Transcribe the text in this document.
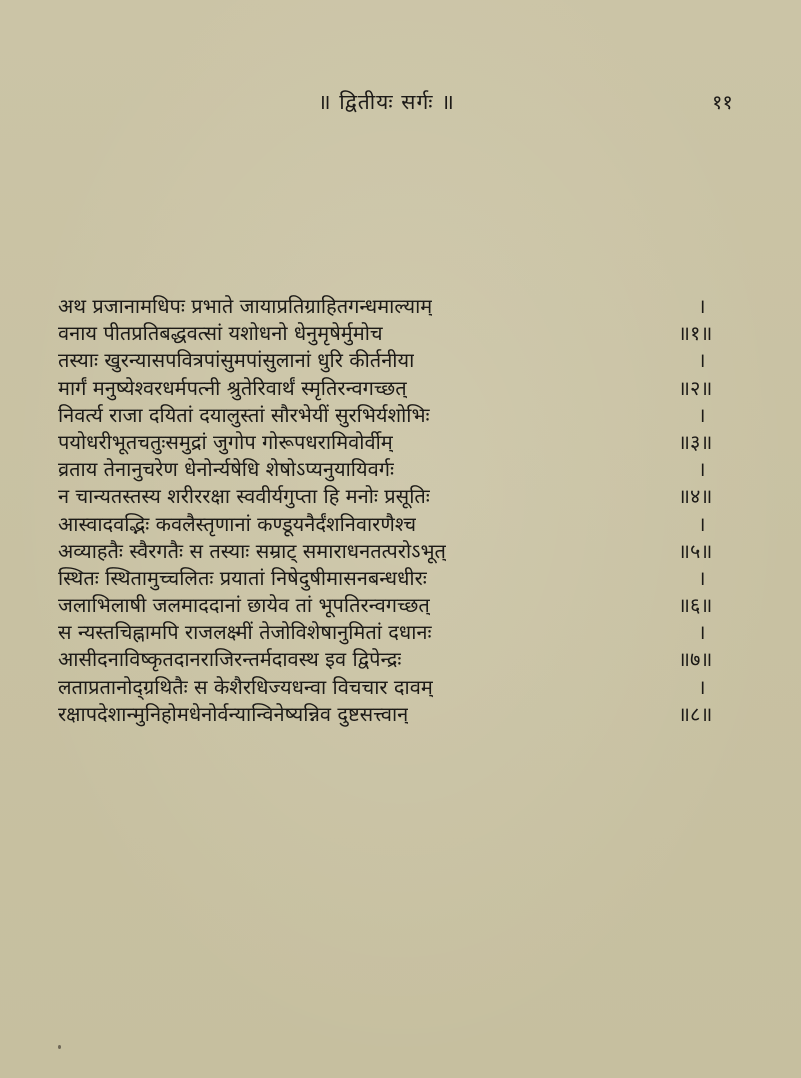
॥ द्वितीयः सर्गः ॥	११
अथ प्रजानामधिपः प्रभाते जायाप्रतिग्राहितगन्धमाल्याम्	।
वनाय पीतप्रतिबद्धवत्सां यशोधनो धेनुमृषेर्मुमोच	॥१॥
तस्याः खुरन्यासपवित्रपांसुमपांसुलानां धुरि कीर्तनीया	।
मार्गं मनुष्येश्वरधर्मपत्नी श्रुतेरिवार्थं स्मृतिरन्वगच्छत्	॥२॥
निवर्त्य राजा दयितां दयालुस्तां सौरभेयीं सुरभिर्यशोभिः	।
पयोधरीभूतचतुःसमुद्रां जुगोप गोरूपधरामिवोर्वीम्	॥३॥
व्रताय तेनानुचरेण धेनोर्न्यषेधि शेषोऽप्यनुयायिवर्गः	।
न चान्यतस्तस्य शरीररक्षा स्ववीर्यगुप्ता हि मनोः प्रसूतिः	॥४॥
आस्वादवद्भिः कवलैस्तृणानां कण्डूयनैर्दंशनिवारणैश्च	।
अव्याहतैः स्वैरगतैः स तस्याः सम्राट् समाराधनतत्परोऽभूत्	॥५॥
स्थितः स्थितामुच्चलितः प्रयातां निषेदुषीमासनबन्धधीरः	।
जलाभिलाषी जलमाददानां छायेव तां भूपतिरन्वगच्छत्	॥६॥
स न्यस्तचिह्नामपि राजलक्ष्मीं तेजोविशेषानुमितां दधानः	।
आसीदनाविष्कृतदानराजिरन्तर्मदावस्थ इव द्विपेन्द्रः	॥७॥
लताप्रतानोद्ग्रथितैः स केशैरधिज्यधन्वा विचचार दावम्	।
रक्षापदेशान्मुनिहोमधेनोर्वन्यान्विनेष्यन्निव दुष्टसत्त्वान्	॥८॥
